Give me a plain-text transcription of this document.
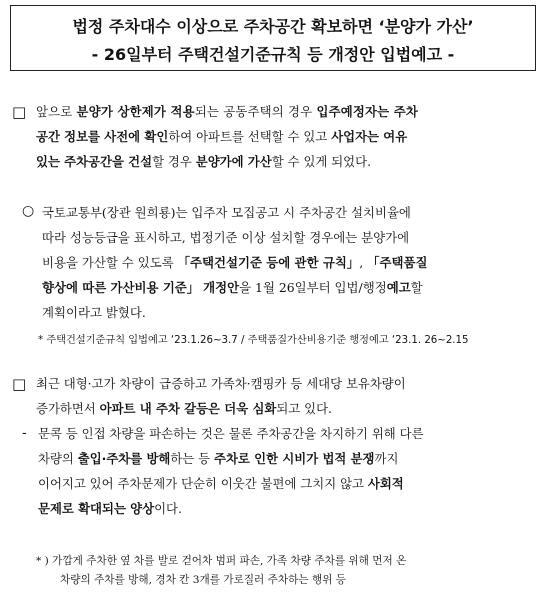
법정 주차대수 이상으로 주차공간 확보하면 ‘분양가 가산’
- 26일부터 주택건설기준규칙 등 개정안 입법예고 -
□ 앞으로 분양가 상한제가 적용되는 공동주택의 경우 입주예정자는 주차
공간 정보를 사전에 확인하여 아파트를 선택할 수 있고 사업자는 여유
있는 주차공간을 건설할 경우 분양가에 가산할 수 있게 되었다.
○ 국토교통부(장관 원희룡)는 입주자 모집공고 시 주차공간 설치비율에
따라 성능등급을 표시하고, 법정기준 이상 설치할 경우에는 분양가에
비용을 가산할 수 있도록 「주택건설기준 등에 관한 규칙」, 「주택품질
향상에 따른 가산비용 기준」 개정안을 1월 26일부터 입법/행정예고할
계획이라고 밝혔다.
* 주택건설기준규칙 입법예고 ‘23.1.26~3.7 / 주택품질가산비용기준 행정예고 ‘23.1. 26~2.15
□ 최근 대형·고가 차량이 급증하고 가족차·캠핑카 등 세대당 보유차량이
증가하면서 아파트 내 주차 갈등은 더욱 심화되고 있다.
- 문콕 등 인접 차량을 파손하는 것은 물론 주차공간을 차지하기 위해 다른
차량의 출입·주차를 방해하는 등 주차로 인한 시비가 법적 분쟁까지
이어지고 있어 주차문제가 단순히 이웃간 불편에 그치지 않고 사회적
문제로 확대되는 양상이다.
* ) 가깝게 주차한 옆 차를 발로 걷어차 범퍼 파손, 가족 차량 주차를 위해 먼저 온
차량의 주차를 방해, 경차 칸 3개를 가로질러 주차하는 행위 등
